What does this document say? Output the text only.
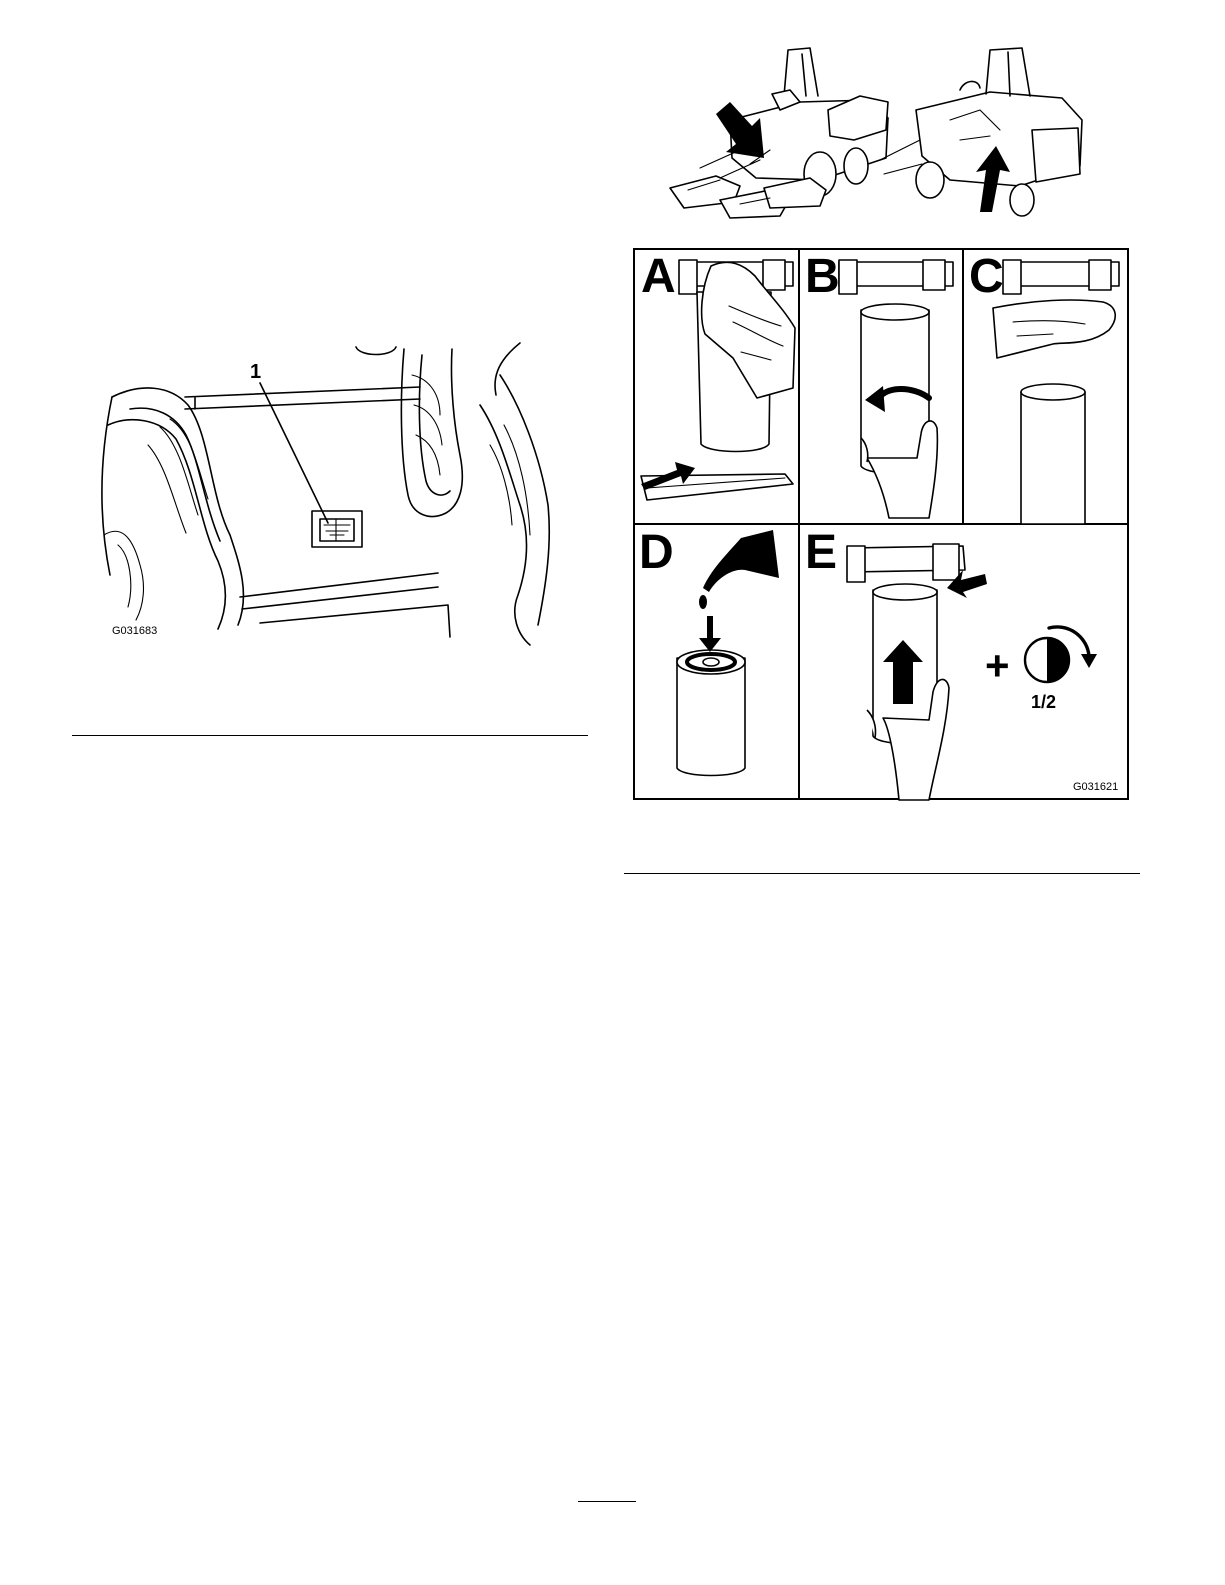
1
G031683
A	B	C
D
+
1/2
E
G031621
